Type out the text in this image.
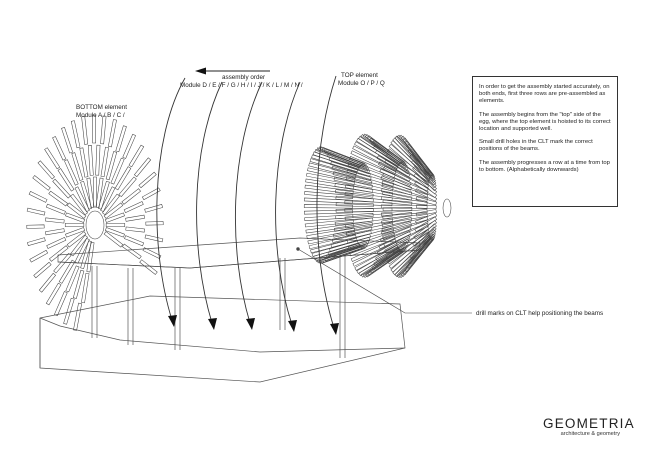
assembly order
Module D / E / F / G / H / I / J / K / L / M / N /
TOP element
Module O / P / Q
BOTTOM element
Module A / B / C /
drill marks on CLT help positioning the beams

In order to get the assembly started accurately, on both ends, first three rows are pre-assembled as elements.

The assembly begins from the "top" side of the egg, where the top element is hoisted to its correct location and supported well.

Small drill holes in the CLT mark the correct positions of the beams.

The assembly progresses a row at a time from top to bottom. (Alphabetically downwards)

GEOMETRIA
architecture & geometry
